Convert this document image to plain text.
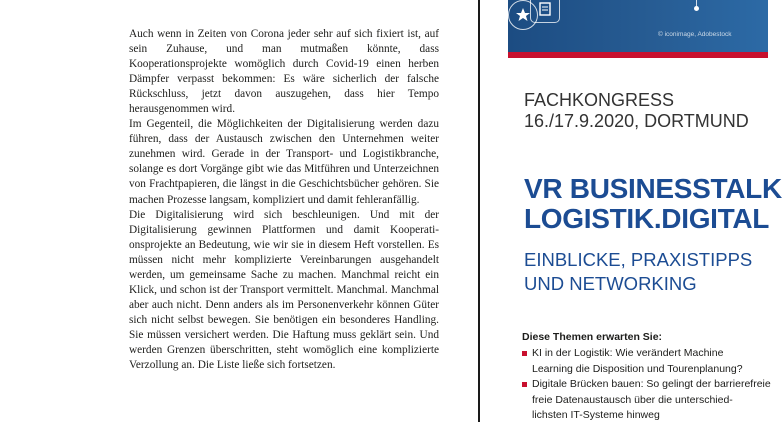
Auch wenn in Zeiten von Corona jeder sehr auf sich fixiert ist, auf sein Zuhause, und man mutmaßen könnte, dass Kooperationsprojekte womöglich durch Covid-19 einen herben Dämpfer verpasst bekommen: Es wäre sicherlich der falsche Rückschluss, jetzt davon auszugehen, dass hier Tempo herausgenommen wird.

Im Gegenteil, die Möglichkeiten der Digitalisierung werden dazu führen, dass der Austausch zwischen den Unternehmen weiter zunehmen wird. Gerade in der Transport- und Logistikbranche, solange es dort Vorgänge gibt wie das Mitführen und Unterzeichnen von Frachtpapieren, die längst in die Geschichtsbücher gehören. Sie machen Prozesse langsam, kompliziert und damit fehleranfällig.

Die Digitalisierung wird sich beschleunigen. Und mit der Digitalisierung gewinnen Plattformen und damit Kooperationsprojekte an Bedeutung, wie wir sie in diesem Heft vorstellen. Es müssen nicht mehr komplizierte Vereinbarungen ausgehandelt werden, um gemeinsame Sache zu machen. Manchmal reicht ein Klick, und schon ist der Transport vermittelt. Manchmal. Manchmal aber auch nicht. Denn anders als im Personenverkehr können Güter sich nicht selbst bewegen. Sie benötigen ein besonderes Handling. Sie müssen versichert werden. Die Haftung muss geklärt sein. Und werden Grenzen überschritten, steht womöglich eine komplizierte Verzollung an. Die Liste ließe sich fortsetzen.

© iconimage, Adobestock
FACHKONGRESS
16./17.9.2020, DORTMUND
VR BUSINESSTALK
LOGISTIK.DIGITAL
EINBLICKE, PRAXISTIPPS
UND NETWORKING
Diese Themen erwarten Sie:
KI in der Logistik: Wie verändert Machine
Learning die Disposition und Tourenplanung?
Digitale Brücken bauen: So gelingt der barrierefreie
freie Datenaustausch über die unterschied-
lichsten IT-Systeme hinweg
